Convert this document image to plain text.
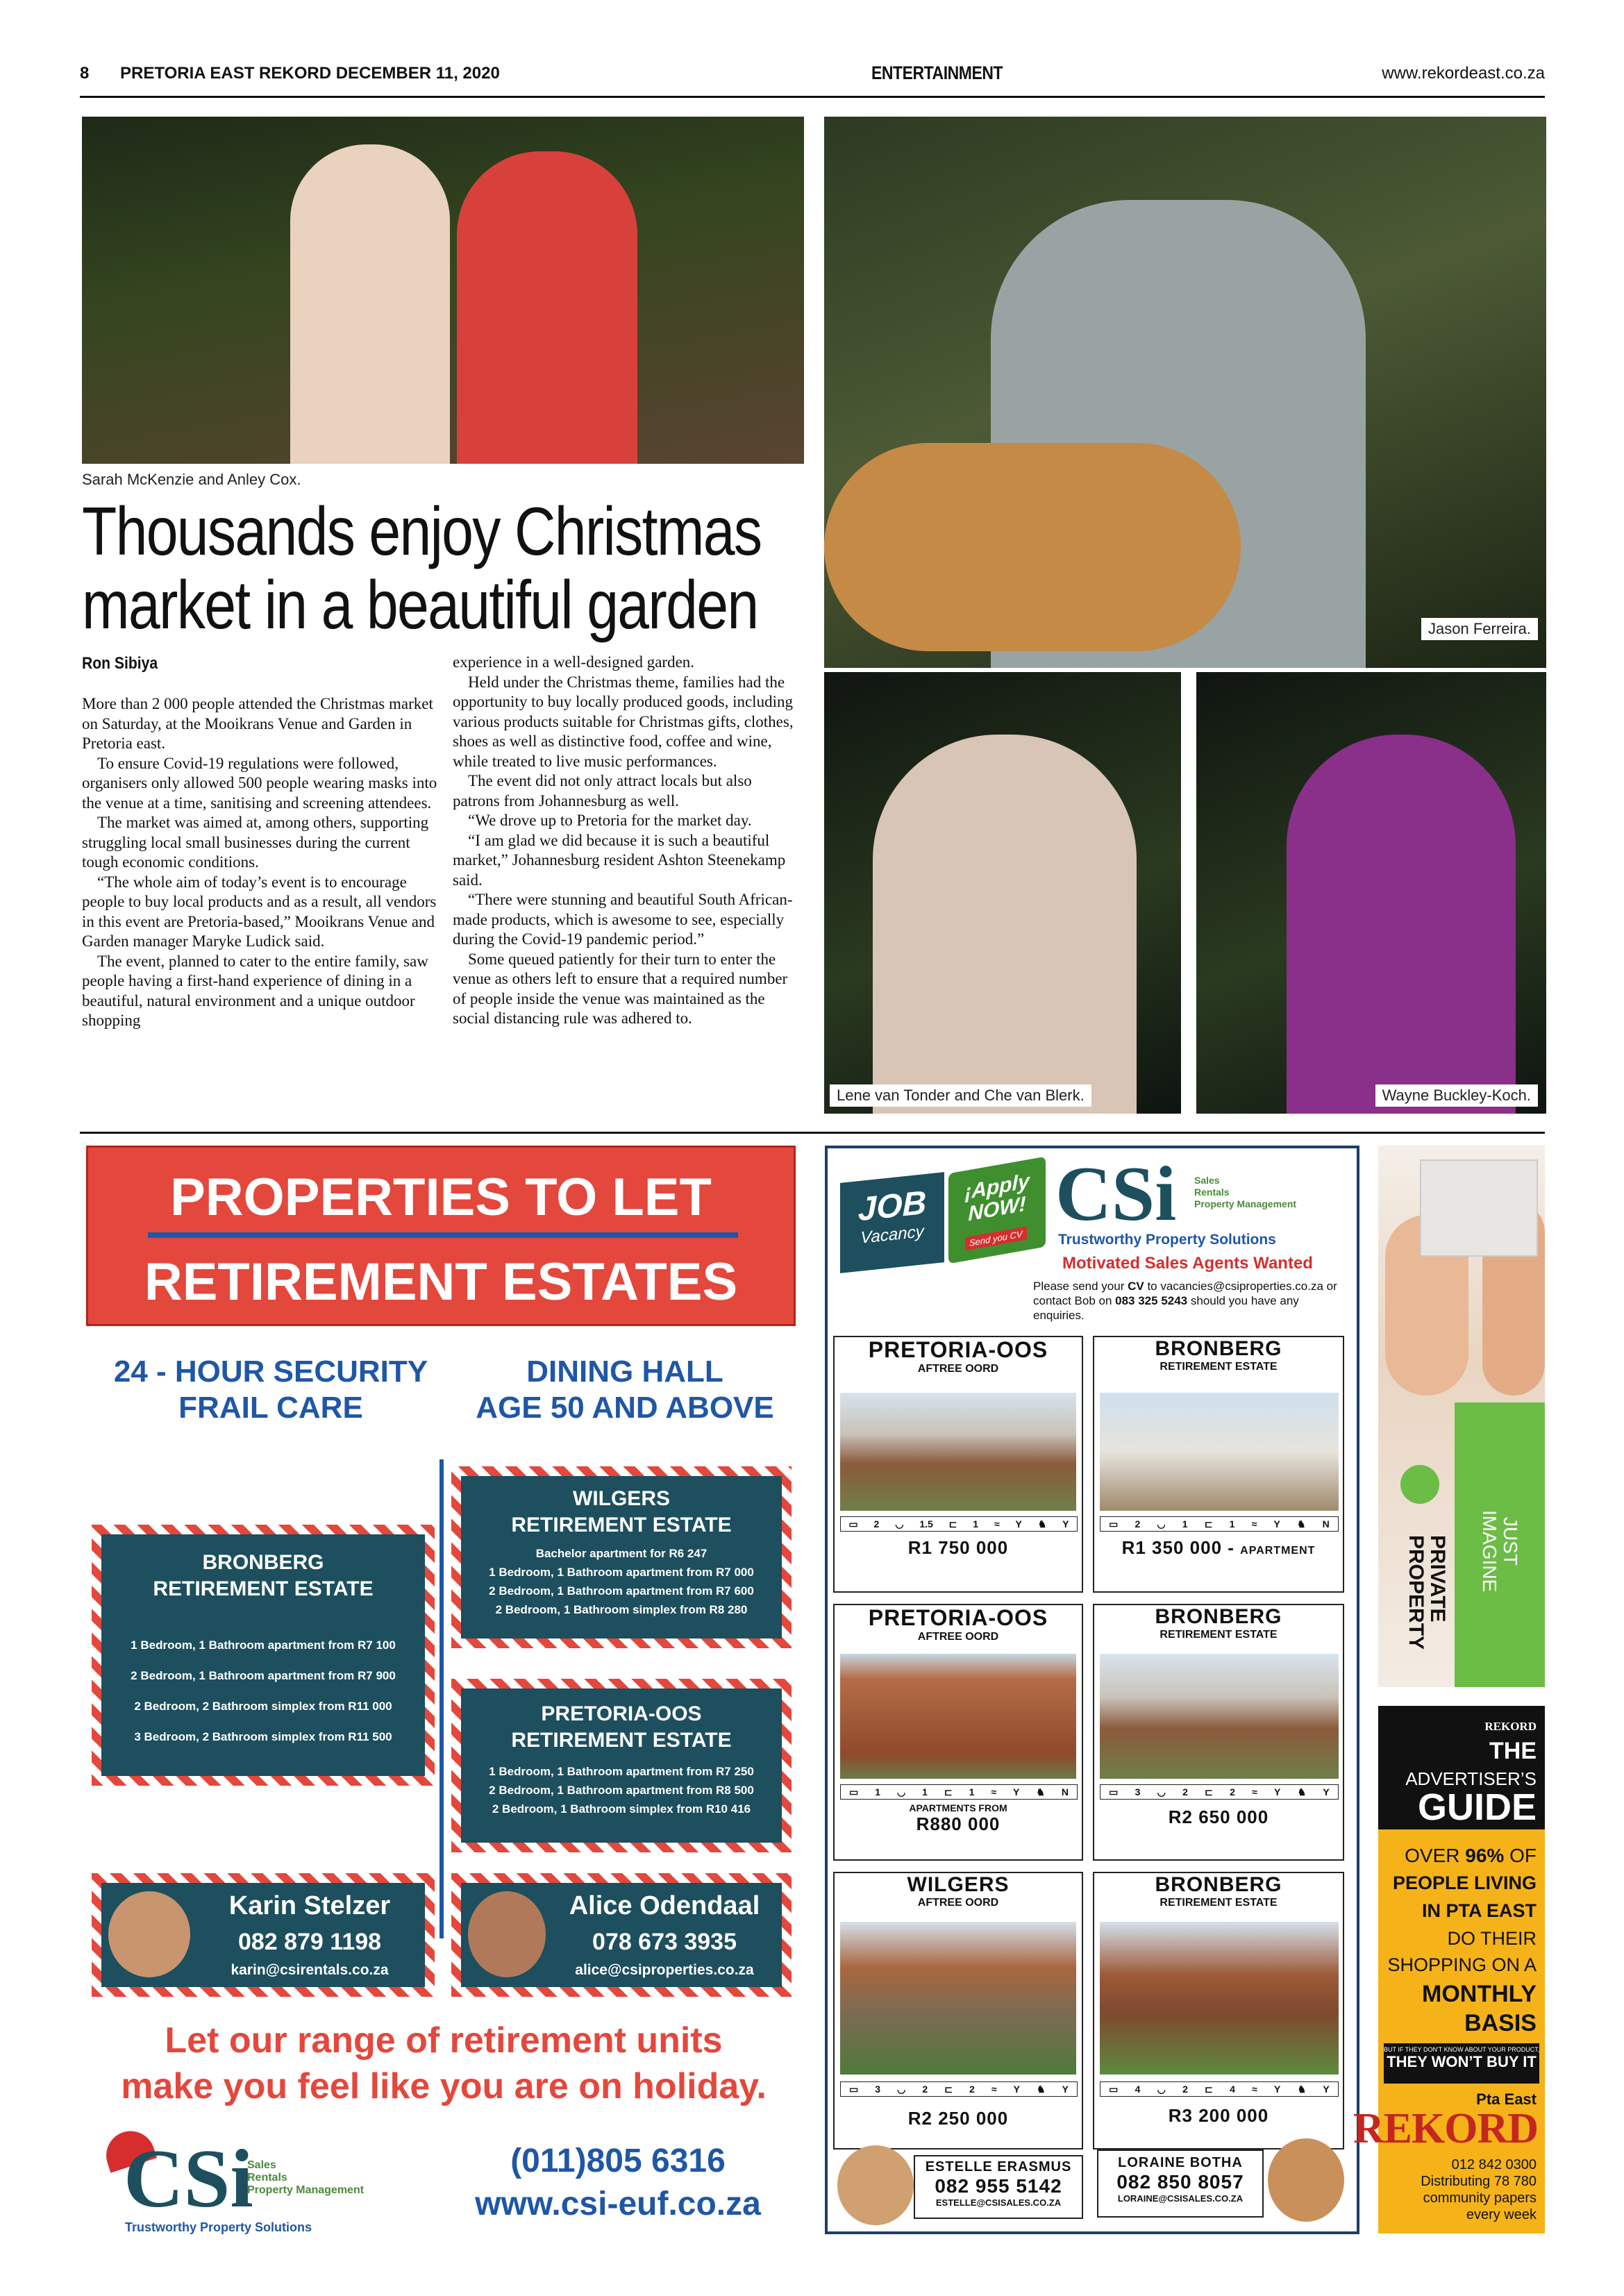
8 PRETORIA EAST REKORD DECEMBER 11, 2020	ENTERTAINMENT	www.rekordeast.co.za
Sarah McKenzie and Anley Cox.
Jason Ferreira.
Lene van Tonder and Che van Blerk.	Wayne Buckley-Koch.
Thousands enjoy Christmas
market in a beautiful garden
Ron Sibiya

More than 2 000 people attended the Christmas market on Saturday, at the Mooikrans Venue and Garden in Pretoria east.

To ensure Covid-19 regulations were followed, organisers only allowed 500 people wearing masks into the venue at a time, sanitising and screening attendees.

The market was aimed at, among others, supporting struggling local small businesses during the current tough economic conditions.

“The whole aim of today’s event is to encourage people to buy local products and as a result, all vendors in this event are Pretoria-based,” Mooikrans Venue and Garden manager Maryke Ludick said.

The event, planned to cater to the entire family, saw people having a first-hand experience of dining in a beautiful, natural environment and a unique outdoor shopping

experience in a well-designed garden.

Held under the Christmas theme, families had the opportunity to buy locally produced goods, including various products suitable for Christmas gifts, clothes, shoes as well as distinctive food, coffee and wine, while treated to live music performances.

The event did not only attract locals but also patrons from Johannesburg as well.

“We drove up to Pretoria for the market day.

“I am glad we did because it is such a beautiful market,” Johannesburg resident Ashton Steenekamp said.

“There were stunning and beautiful South African-made products, which is awesome to see, especially during the Covid-19 pandemic period.”

Some queued patiently for their turn to enter the venue as others left to ensure that a required number of people inside the venue was maintained as the social distancing rule was adhered to.

PROPERTIES TO LET
RETIREMENT ESTATES
24 - HOUR SECURITY
FRAIL CARE
DINING HALL
AGE 50 AND ABOVE
WILGERS
RETIREMENT ESTATE
Bachelor apartment for R6 247
1 Bedroom, 1 Bathroom apartment from R7 000
2 Bedroom, 1 Bathroom apartment from R7 600
2 Bedroom, 1 Bathroom simplex from R8 280
BRONBERG
RETIREMENT ESTATE
1 Bedroom, 1 Bathroom apartment from R7 100
2 Bedroom, 1 Bathroom apartment from R7 900
2 Bedroom, 2 Bathroom simplex from R11 000
3 Bedroom, 2 Bathroom simplex from R11 500
PRETORIA-OOS
RETIREMENT ESTATE
1 Bedroom, 1 Bathroom apartment from R7 250
2 Bedroom, 1 Bathroom apartment from R8 500
2 Bedroom, 1 Bathroom simplex from R10 416
Karin Stelzer
082 879 1198
karin@csirentals.co.za
Alice Odendaal
078 673 3935
alice@csiproperties.co.za
Let our range of retirement units
make you feel like you are on holiday.
CSi
Sales
Rentals
Property Management
Trustworthy Property Solutions
(011)805 6316
www.csi-euf.co.za
JOB
Vacancy
¡Apply NOW!
Send you CV
CSi Sales
Rentals
Property Management
Trustworthy Property Solutions
Motivated Sales Agents Wanted
Please send your CV to vacancies@csiproperties.co.za or contact Bob on 083 325 5243 should you have any enquiries.
PRETORIA-OOS
AFTREE OORD
▭ 2 ◡ 1.5 ⊏ 1 ≈ Y ♞ Y
R1 750 000
BRONBERG
RETIREMENT ESTATE
▭ 2 ◡ 1 ⊏ 1 ≈ Y ♞ N
R1 350 000 - APARTMENT
PRETORIA-OOS
AFTREE OORD
▭ 1 ◡ 1 ⊏ 1 ≈ Y ♞ N
APARTMENTS FROM
R880 000
BRONBERG
RETIREMENT ESTATE
▭ 3 ◡ 2 ⊏ 2 ≈ Y ♞ Y
R2 650 000
WILGERS
AFTREE OORD
▭ 3 ◡ 2 ⊏ 2 ≈ Y ♞ Y
R2 250 000
BRONBERG
RETIREMENT ESTATE
▭ 4 ◡ 2 ⊏ 4 ≈ Y ♞ Y
R3 200 000
ESTELLE ERASMUS
082 955 5142
ESTELLE@CSISALES.CO.ZA
LORAINE BOTHA
082 850 8057
LORAINE@CSISALES.CO.ZA
JUST
IMAGINE
PRIVATE
PROPERTY
REKORD
THE
ADVERTISER’S
GUIDE
OVER 96% OF
PEOPLE LIVING
IN PTA EAST
DO THEIR
SHOPPING ON A
MONTHLY
BASIS
BUT IF THEY DON'T KNOW ABOUT YOUR PRODUCT,
THEY WON’T BUY IT
Pta East
REKORD
012 842 0300
Distributing 78 780
community papers
every week
